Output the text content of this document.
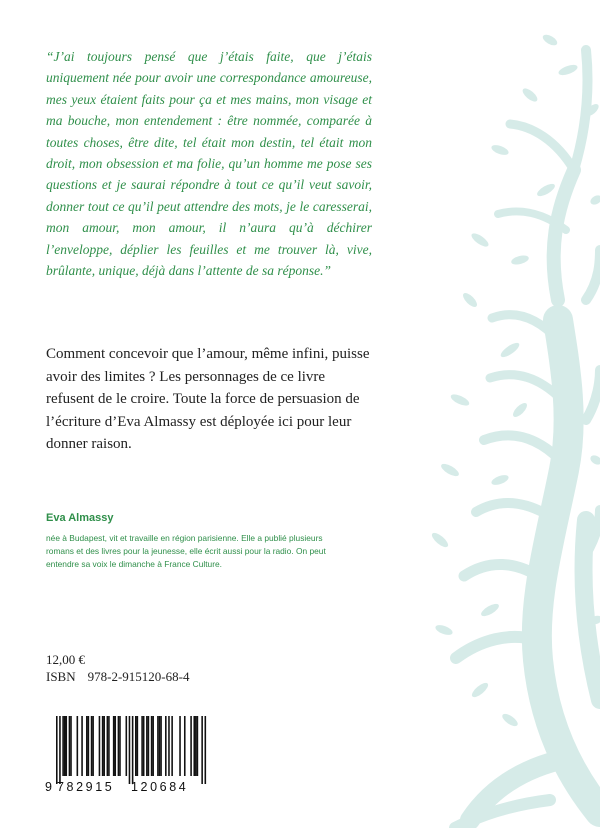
“J’ai toujours pensé que j’étais faite, que j’étais uniquement née pour avoir une correspondance amoureuse, mes yeux étaient faits pour ça et mes mains, mon visage et ma bouche, mon entendement : être nommée, comparée à toutes choses, être dite, tel était mon destin, tel était mon droit, mon obsession et ma folie, qu’un homme me pose ses questions et je saurai répondre à tout ce qu’il veut savoir, donner tout ce qu’il peut attendre des mots, je le caresserai, mon amour, mon amour, il n’aura qu’à déchirer l’enveloppe, déplier les feuilles et me trouver là, vive, brûlante, unique, déjà dans l’attente de sa réponse.”

Comment concevoir que l’amour, même infini, puisse avoir des limites ? Les personnages de ce livre refusent de le croire. Toute la force de persuasion de l’écriture d’Eva Almassy est déployée ici pour leur donner raison.

Eva Almassy

née à Budapest, vit et travaille en région parisienne. Elle a publié plusieurs romans et des livres pour la jeunesse, elle écrit aussi pour la radio. On peut entendre sa voix le dimanche à France Culture.

12,00 €

ISBN 978-2-915120-68-4

9 782915 120684
